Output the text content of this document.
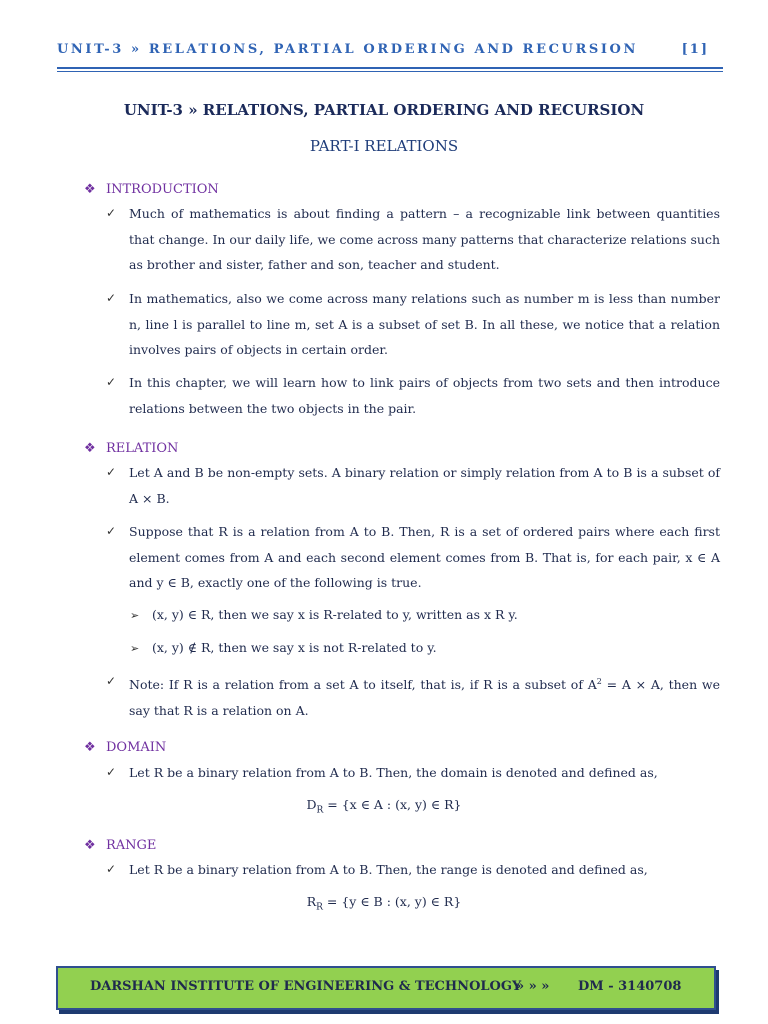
UNIT-3 » RELATIONS, PARTIAL ORDERING AND RECURSION	[1]
UNIT-3 » RELATIONS, PARTIAL ORDERING AND RECURSION
PART-I RELATIONS
❖ INTRODUCTION
✓ Much of mathematics is about finding a pattern – a recognizable link between quantities that change. In our daily life, we come across many patterns that characterize relations such as brother and sister, father and son, teacher and student.
✓ In mathematics, also we come across many relations such as number m is less than number n, line l is parallel to line m, set A is a subset of set B. In all these, we notice that a relation involves pairs of objects in certain order.
✓ In this chapter, we will learn how to link pairs of objects from two sets and then introduce relations between the two objects in the pair.
❖ RELATION
✓ Let A and B be non-empty sets. A binary relation or simply relation from A to B is a subset of A × B.
✓ Suppose that R is a relation from A to B. Then, R is a set of ordered pairs where each first element comes from A and each second element comes from B. That is, for each pair, x ∈ A and y ∈ B, exactly one of the following is true.
➢ (x, y) ∈ R, then we say x is R-related to y, written as x R y.
➢ (x, y) ∉ R, then we say x is not R-related to y.
✓ Note: If R is a relation from a set A to itself, that is, if R is a subset of $A^2 = A \times A$, then we say that R is a relation on A.
❖ DOMAIN
✓ Let R be a binary relation from A to B. Then, the domain is denoted and defined as,
$D_R = \{x$ ∈ A : (x, y) ∈ R}
❖ RANGE
✓ Let R be a binary relation from A to B. Then, the range is denoted and defined as,
$R_R = \{y$ ∈ B : (x, y) ∈ R}
DARSHAN INSTITUTE OF ENGINEERING & TECHNOLOGY
» » » DM - 3140708
